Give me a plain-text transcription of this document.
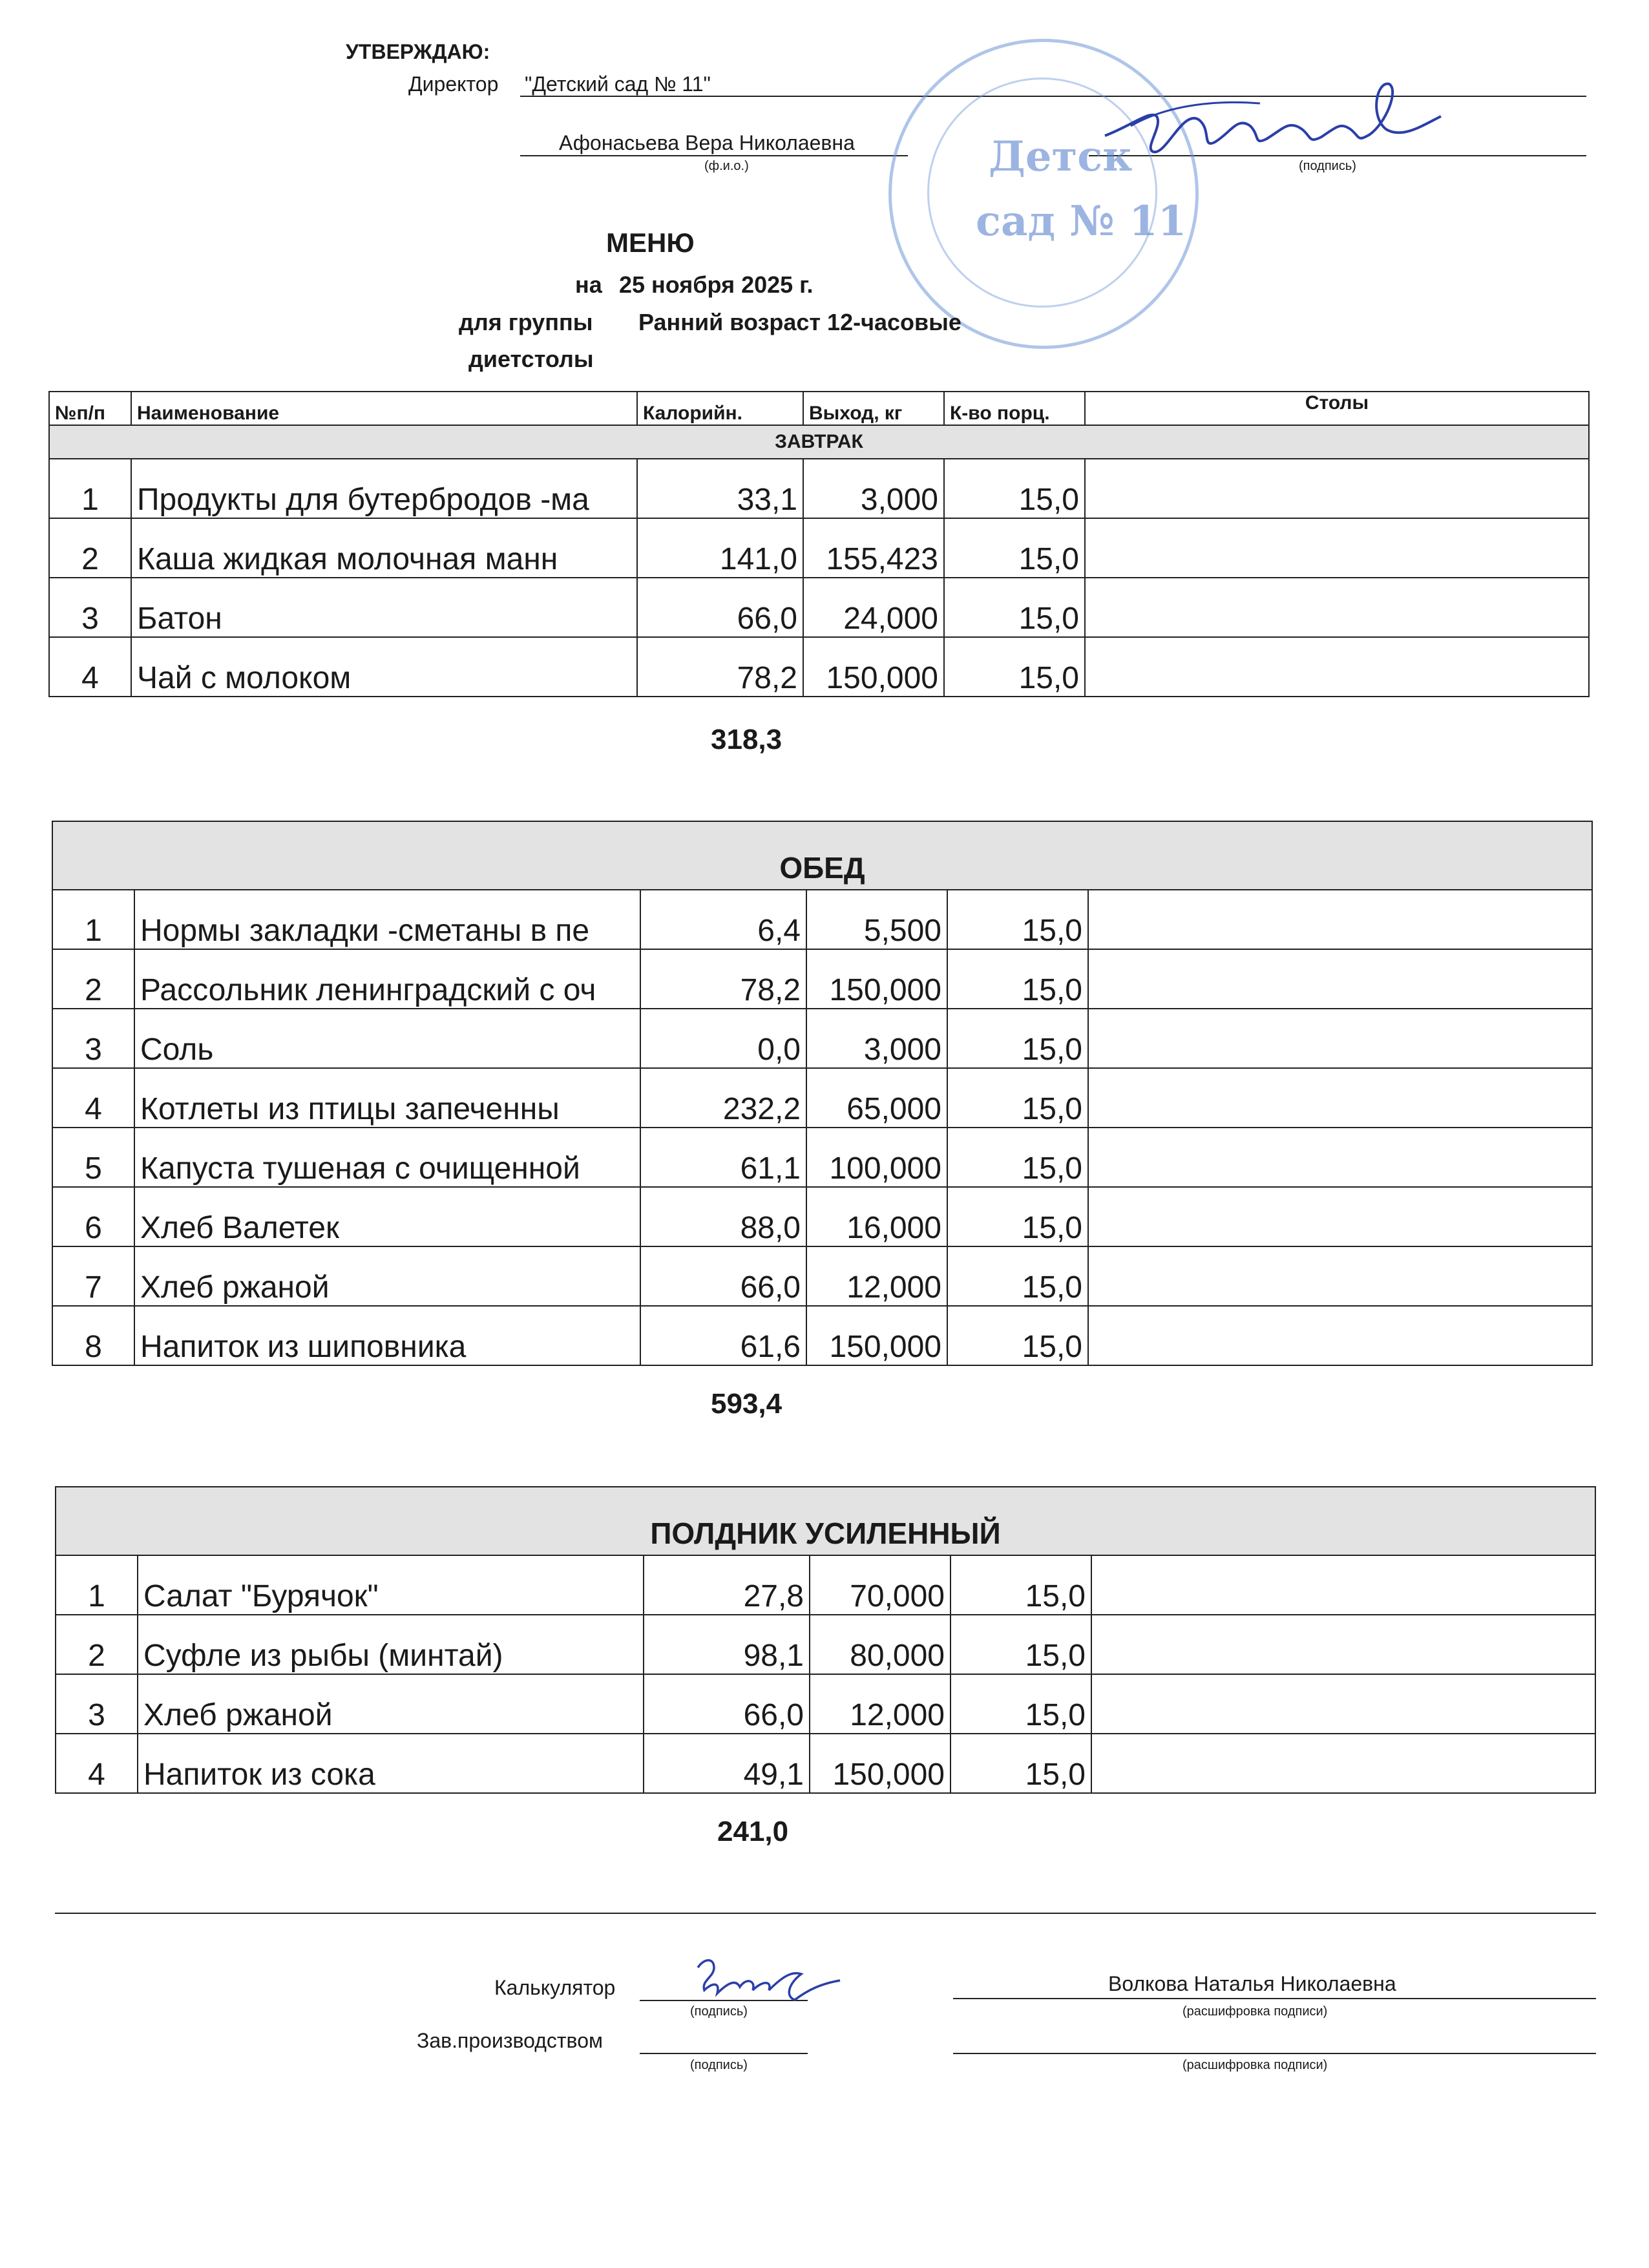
УТВЕРЖДАЮ:
Директор "Детский сад № 11"
Афонасьева Вера Николаевна
(ф.и.о.)	(подпись)
Детск
сад № 11
МЕНЮ
на 25 ноября 2025 г.
для группы Ранний возраст 12-часовые
диетстолы
№п/п	Наименование	Калорийн.	Выход, кг	К-во порц.	Столы
ЗАВТРАК					
1	Продукты для бутербродов -ма	33,1	3,000	15,0	
2	Каша жидкая молочная манн	141,0	155,423	15,0	
3	Батон	66,0	24,000	15,0	
4	Чай с молоком	78,2	150,000	15,0	
318,3
ОБЕД					
1	Нормы закладки -сметаны в пе	6,4	5,500	15,0	
2	Рассольник ленинградский с оч	78,2	150,000	15,0	
3	Соль	0,0	3,000	15,0	
4	Котлеты из птицы запеченны	232,2	65,000	15,0	
5	Капуста тушеная с очищенной	61,1	100,000	15,0	
6	Хлеб Валетек	88,0	16,000	15,0	
7	Хлеб ржаной	66,0	12,000	15,0	
8	Напиток из шиповника	61,6	150,000	15,0	
593,4
ПОЛДНИК УСИЛЕННЫЙ					
1	Салат "Бурячок"	27,8	70,000	15,0	
2	Суфле из рыбы (минтай)	98,1	80,000	15,0	
3	Хлеб ржаной	66,0	12,000	15,0	
4	Напиток из сока	49,1	150,000	15,0	
241,0
Калькулятор
(подпись)
Волкова Наталья Николаевна
(расшифровка подписи)
Зав.производством
(подпись)	(расшифровка подписи)
